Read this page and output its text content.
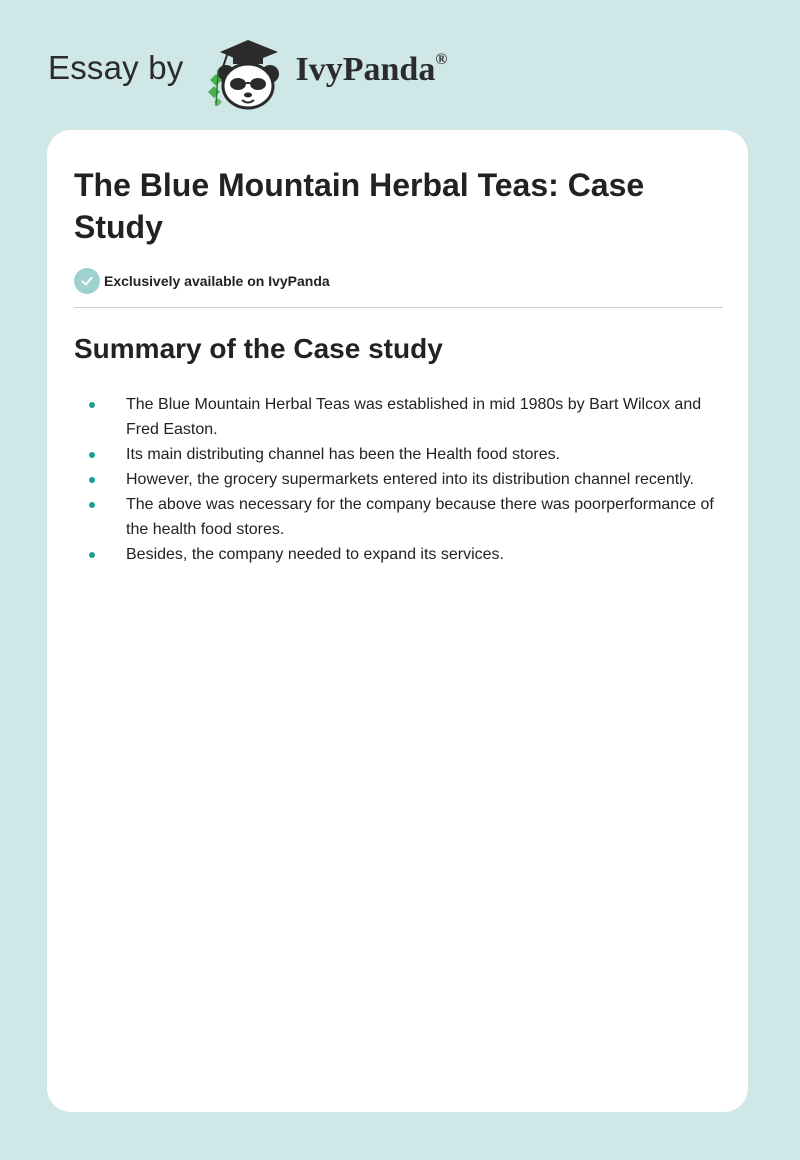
Essay by	IvyPanda®
The Blue Mountain Herbal Teas: Case Study
Exclusively available on IvyPanda
Summary of the Case study
The Blue Mountain Herbal Teas was established in mid 1980s by Bart Wilcox and Fred Easton.
Its main distributing channel has been the Health food stores.
However, the grocery supermarkets entered into its distribution channel recently.
The above was necessary for the company because there was poorperformance of the health food stores.
Besides, the company needed to expand its services.
